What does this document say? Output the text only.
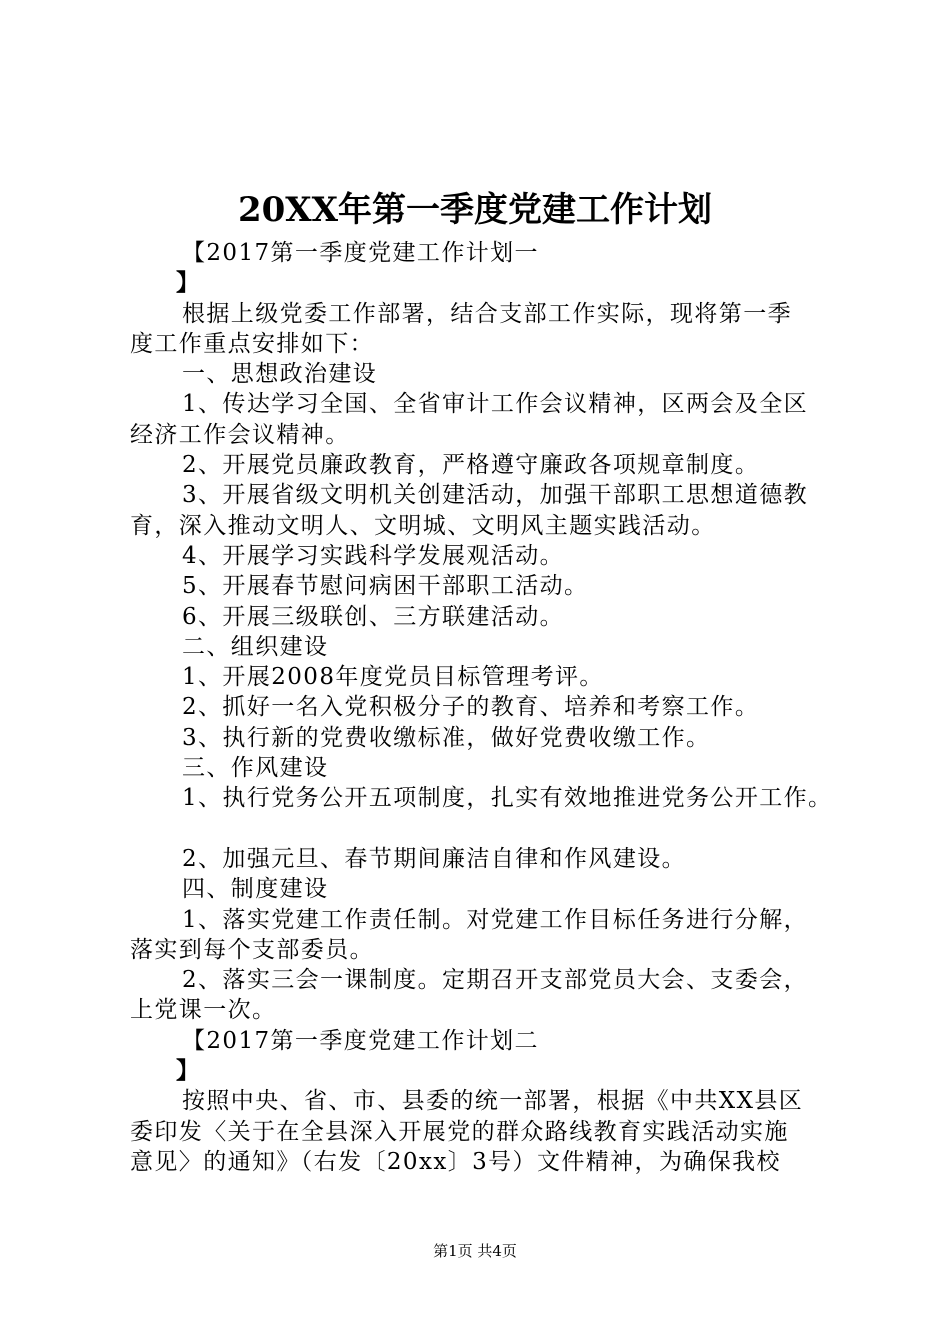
20XX年第一季度党建工作计划
【2017第一季度党建工作计划一
】
根据上级党委工作部署，结合支部工作实际，现将第一季
度工作重点安排如下：
一、思想政治建设
1、传达学习全国、全省审计工作会议精神，区两会及全区
经济工作会议精神。
2、开展党员廉政教育，严格遵守廉政各项规章制度。
3、开展省级文明机关创建活动，加强干部职工思想道德教
育，深入推动文明人、文明城、文明风主题实践活动。
4、开展学习实践科学发展观活动。
5、开展春节慰问病困干部职工活动。
6、开展三级联创、三方联建活动。
二、组织建设
1、开展2008年度党员目标管理考评。
2、抓好一名入党积极分子的教育、培养和考察工作。
3、执行新的党费收缴标准，做好党费收缴工作。
三、作风建设
1、执行党务公开五项制度，扎实有效地推进党务公开工作。
2、加强元旦、春节期间廉洁自律和作风建设。
四、制度建设
1、落实党建工作责任制。对党建工作目标任务进行分解，
落实到每个支部委员。
2、落实三会一课制度。定期召开支部党员大会、支委会，
上党课一次。
【2017第一季度党建工作计划二
】
按照中央、省、市、县委的统一部署，根据《中共XX县区
委印发〈关于在全县深入开展党的群众路线教育实践活动实施
意见〉的通知》（右发〔20xx〕3号）文件精神，为确保我校
第1页 共4页
